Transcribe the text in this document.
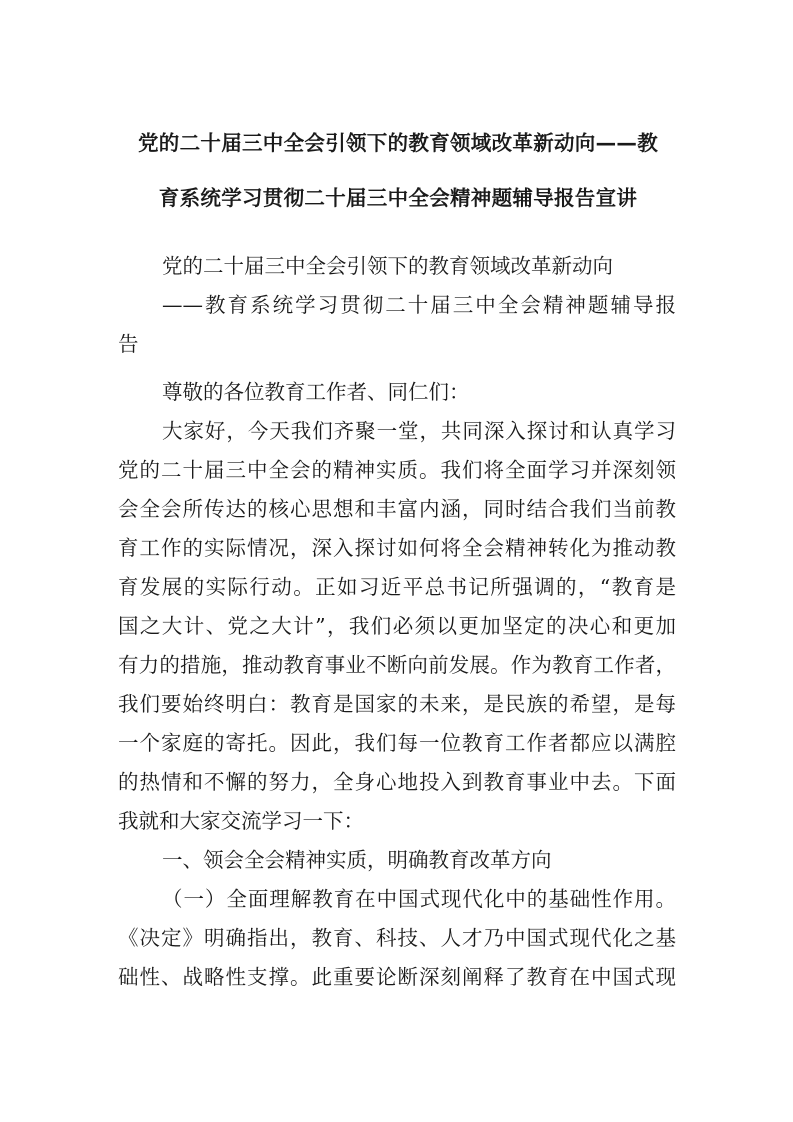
党的二十届三中全会引领下的教育领域改革新动向——教
育系统学习贯彻二十届三中全会精神题辅导报告宣讲
党的二十届三中全会引领下的教育领域改革新动向
——教育系统学习贯彻二十届三中全会精神题辅导报
告
尊敬的各位教育工作者、同仁们：
大家好，今天我们齐聚一堂，共同深入探讨和认真学习
党的二十届三中全会的精神实质。我们将全面学习并深刻领
会全会所传达的核心思想和丰富内涵，同时结合我们当前教
育工作的实际情况，深入探讨如何将全会精神转化为推动教
育发展的实际行动。正如习近平总书记所强调的，“教育是
国之大计、党之大计”，我们必须以更加坚定的决心和更加
有力的措施，推动教育事业不断向前发展。作为教育工作者，
我们要始终明白：教育是国家的未来，是民族的希望，是每
一个家庭的寄托。因此，我们每一位教育工作者都应以满腔
的热情和不懈的努力，全身心地投入到教育事业中去。下面
我就和大家交流学习一下：
一、领会全会精神实质，明确教育改革方向
（一）全面理解教育在中国式现代化中的基础性作用。
《决定》明确指出，教育、科技、人才乃中国式现代化之基
础性、战略性支撑。此重要论断深刻阐释了教育在中国式现
